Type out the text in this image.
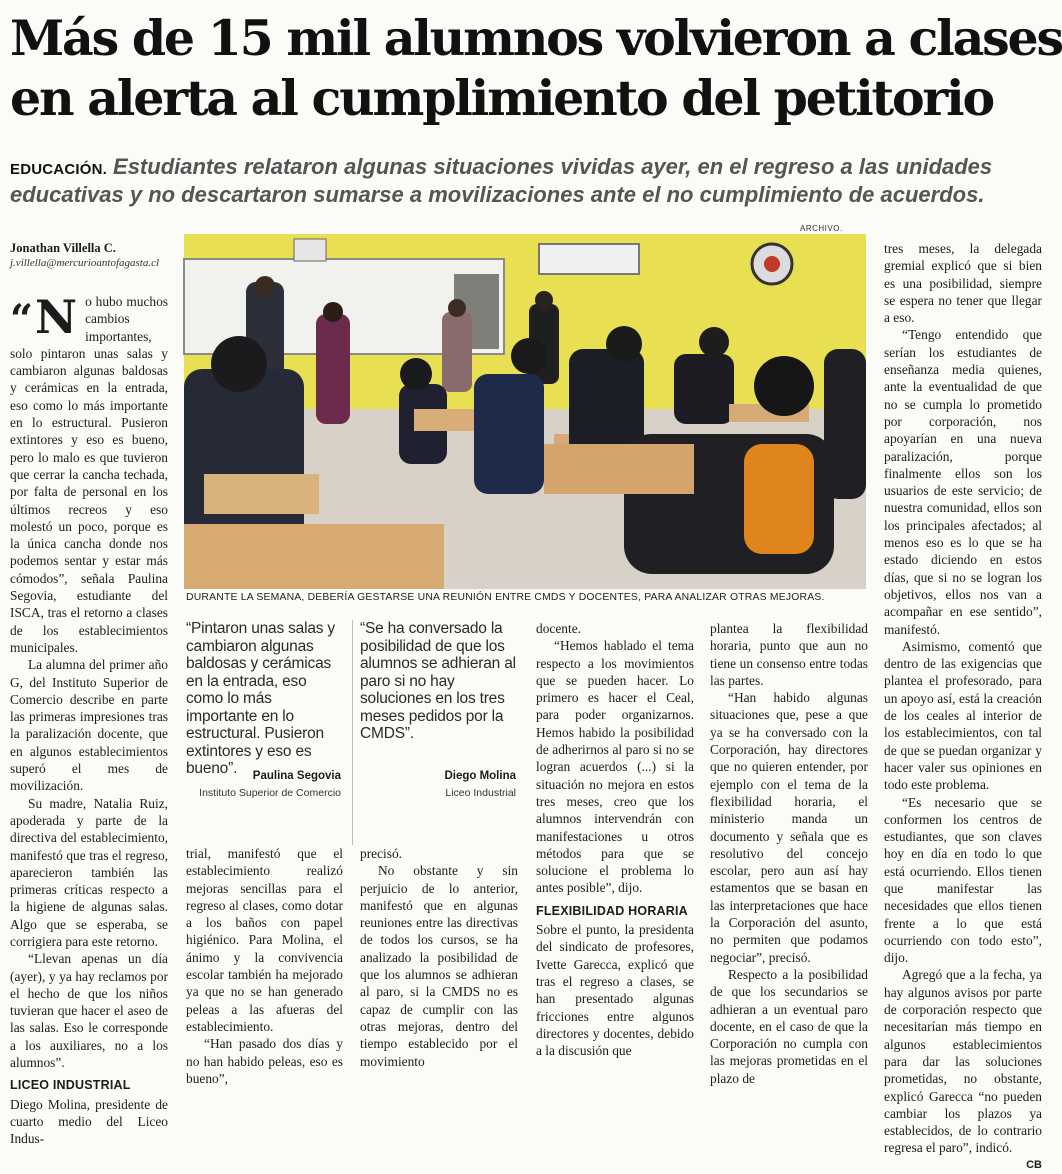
Más de 15 mil alumnos volvieron a clases
en alerta al cumplimiento del petitorio
EDUCACIÓN. Estudiantes relataron algunas situaciones vividas ayer, en el regreso a las unidades educativas y no descartaron sumarse a movilizaciones ante el no cumplimiento de acuerdos.
Jonathan Villella C.
j.villella@mercurioantofagasta.cl

“N o hubo muchos cambios importantes, solo pintaron unas salas y cambiaron algunas baldosas y cerámicas en la entrada, eso como lo más importante en lo estructural. Pusieron extintores y eso es bueno, pero lo malo es que tuvieron que cerrar la cancha techada, por falta de personal en los últimos recreos y eso molestó un poco, porque es la única cancha donde nos podemos sentar y estar más cómodos”, señala Paulina Segovia, estudiante del ISCA, tras el retorno a clases de los establecimientos municipales.

La alumna del primer año G, del Instituto Superior de Comercio describe en parte las primeras impresiones tras la paralización docente, que en algunos establecimientos superó el mes de movilización.

Su madre, Natalia Ruiz, apoderada y parte de la directiva del establecimiento, manifestó que tras el regreso, aparecieron también las primeras críticas respecto a la higiene de algunas salas. Algo que se esperaba, se corrigiera para este retorno.

“Llevan apenas un día (ayer), y ya hay reclamos por el hecho de que los niños tuvieran que hacer el aseo de las salas. Eso le corresponde a los auxiliares, no a los alumnos”.

LICEO INDUSTRIAL

Diego Molina, presidente de cuarto medio del Liceo Indus-

ARCHIVO.
DURANTE LA SEMANA, DEBERÍA GESTARSE UNA REUNIÓN ENTRE CMDS Y DOCENTES, PARA ANALIZAR OTRAS MEJORAS.

trial, manifestó que el establecimiento realizó mejoras sencillas para el regreso al clases, como dotar a los baños con papel higiénico. Para Molina, el ánimo y la convivencia escolar también ha mejorado ya que no se han generado peleas a las afueras del establecimiento.

“Han pasado dos días y no han habido peleas, eso es bueno”,

“Pintaron unas salas y cambiaron algunas baldosas y cerámicas en la entrada, eso como lo más importante en lo estructural. Pusieron extintores y eso es bueno”.	Paulina Segovia
Instituto Superior de Comercio

precisó.

No obstante y sin perjuicio de lo anterior, manifestó que en algunas reuniones entre las directivas de todos los cursos, se ha analizado la posibilidad de que los alumnos se adhieran al paro, si la CMDS no es capaz de cumplir con las otras mejoras, dentro del tiempo establecido por el movimiento

“Se ha conversado la posibilidad de que los alumnos se adhieran al paro si no hay soluciones en los tres meses pedidos por la CMDS”.
Diego Molina
Liceo Industrial

docente.

“Hemos hablado el tema respecto a los movimientos que se pueden hacer. Lo primero es hacer el Ceal, para poder organizarnos. Hemos habido la posibilidad de adherirnos al paro si no se logran acuerdos (...) si la situación no mejora en estos tres meses, creo que los alumnos intervendrán con manifestaciones u otros métodos para que se solucione el problema lo antes posible”, dijo.

FLEXIBILIDAD HORARIA

Sobre el punto, la presidenta del sindicato de profesores, Ivette Garecca, explicó que tras el regreso a clases, se han presentado algunas fricciones entre algunos directores y docentes, debido a la discusión que

plantea la flexibilidad horaria, punto que aun no tiene un consenso entre todas las partes.

“Han habido algunas situaciones que, pese a que ya se ha conversado con la Corporación, hay directores que no quieren entender, por ejemplo con el tema de la flexibilidad horaria, el ministerio manda un documento y señala que es resolutivo del concejo escolar, pero aun así hay estamentos que se basan en las interpretaciones que hace la Corporación del asunto, no permiten que podamos negociar”, precisó.

Respecto a la posibilidad de que los secundarios se adhieran a un eventual paro docente, en el caso de que la Corporación no cumpla con las mejoras prometidas en el plazo de

tres meses, la delegada gremial explicó que si bien es una posibilidad, siempre se espera no tener que llegar a eso.

“Tengo entendido que serían los estudiantes de enseñanza media quienes, ante la eventualidad de que no se cumpla lo prometido por corporación, nos apoyarían en una nueva paralización, porque finalmente ellos son los usuarios de este servicio; de nuestra comunidad, ellos son los principales afectados; al menos eso es lo que se ha estado diciendo en estos días, que si no se logran los objetivos, ellos nos van a acompañar en ese sentido”, manifestó.

Asimismo, comentó que dentro de las exigencias que plantea el profesorado, para un apoyo así, está la creación de los ceales al interior de los establecimientos, con tal de que se puedan organizar y hacer valer sus opiniones en todo este problema.

“Es necesario que se conformen los centros de estudiantes, que son claves hoy en día en todo lo que está ocurriendo. Ellos tienen que manifestar las necesidades que ellos tienen frente a lo que está ocurriendo con todo esto”, dijo.

Agregó que a la fecha, ya hay algunos avisos por parte de corporación respecto que necesitarían más tiempo en algunos establecimientos para dar las soluciones prometidas, no obstante, explicó Garecca “no pueden cambiar los plazos ya establecidos, de lo contrario regresa el paro”, indicó.
CB
